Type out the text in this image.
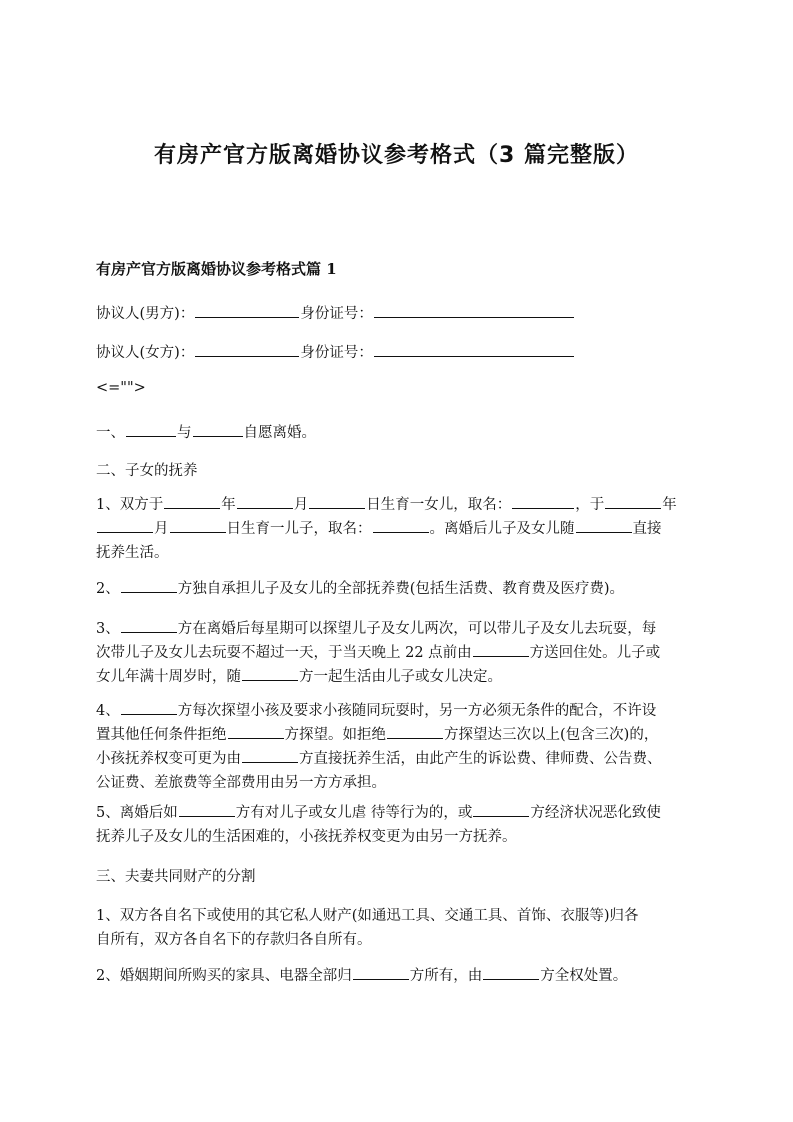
有房产官方版离婚协议参考格式（3 篇完整版）
有房产官方版离婚协议参考格式篇 1

协议人(男方)：	身份证号：

协议人(女方)：	身份证号：

<="">

一、	与	自愿离婚。

二、子女的抚养

1、双方于	年	月	日生育一女儿，取名：	，于	年
月	日生育一儿子，取名：	。离婚后儿子及女儿随	直接
抚养生活。

2、	方独自承担儿子及女儿的全部抚养费(包括生活费、教育费及医疗费)。

3、	方在离婚后每星期可以探望儿子及女儿两次，可以带儿子及女儿去玩耍，每
次带儿子及女儿去玩耍不超过一天，于当天晚上 22 点前由	方送回住处。儿子或
女儿年满十周岁时，随	方一起生活由儿子或女儿决定。

4、	方每次探望小孩及要求小孩随同玩耍时，另一方必须无条件的配合，不许设
置其他任何条件拒绝	方探望。如拒绝	方探望达三次以上(包含三次)的，
小孩抚养权变可更为由	方直接抚养生活，由此产生的诉讼费、律师费、公告费、
公证费、差旅费等全部费用由另一方方承担。

5、离婚后如	方有对儿子或女儿虐 待等行为的，或	方经济状况恶化致使
抚养儿子及女儿的生活困难的，小孩抚养权变更为由另一方抚养。

三、夫妻共同财产的分割

1、双方各自名下或使用的其它私人财产(如通迅工具、交通工具、首饰、衣服等)归各
自所有，双方各自名下的存款归各自所有。

2、婚姻期间所购买的家具、电器全部归	方所有，由	方全权处置。
